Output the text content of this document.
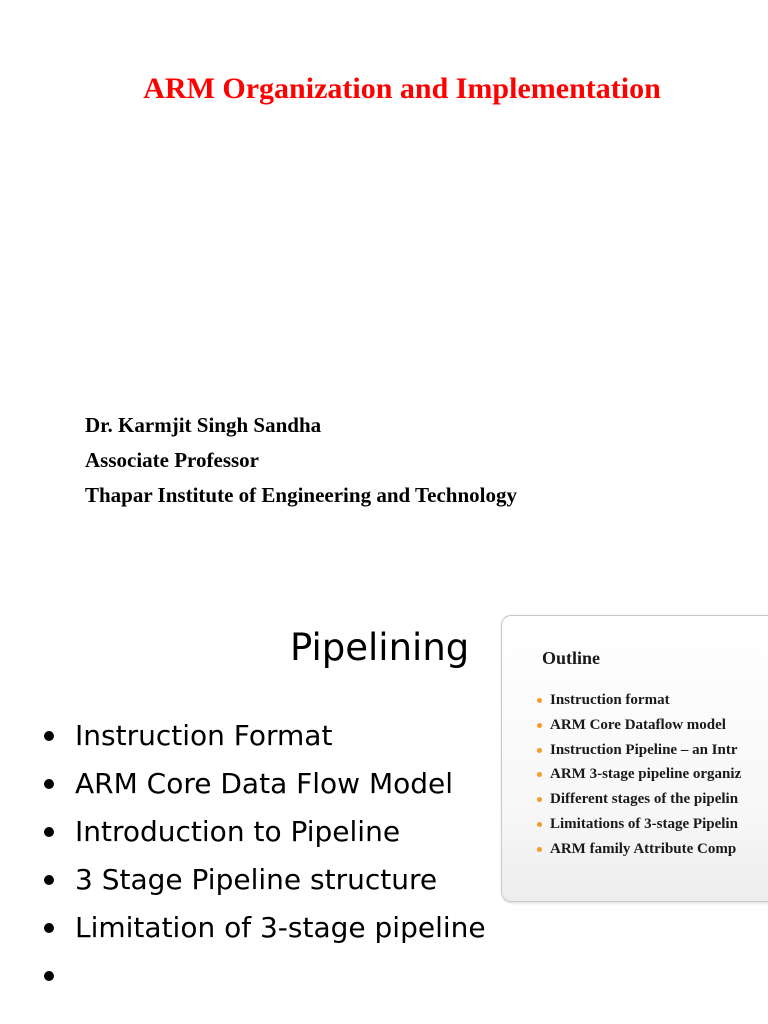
ARM Organization and Implementation
Dr. Karmjit Singh Sandha
Associate Professor
Thapar Institute of Engineering and Technology
Pipelining
Instruction Format
ARM Core Data Flow Model
Introduction to Pipeline
3 Stage Pipeline structure
Limitation of 3-stage pipeline
Outline
Instruction format
ARM Core Dataflow model
Instruction Pipeline – an Intr
ARM 3-stage pipeline organiz
Different stages of the pipelin
Limitations of 3-stage Pipelin
ARM family Attribute Comp
